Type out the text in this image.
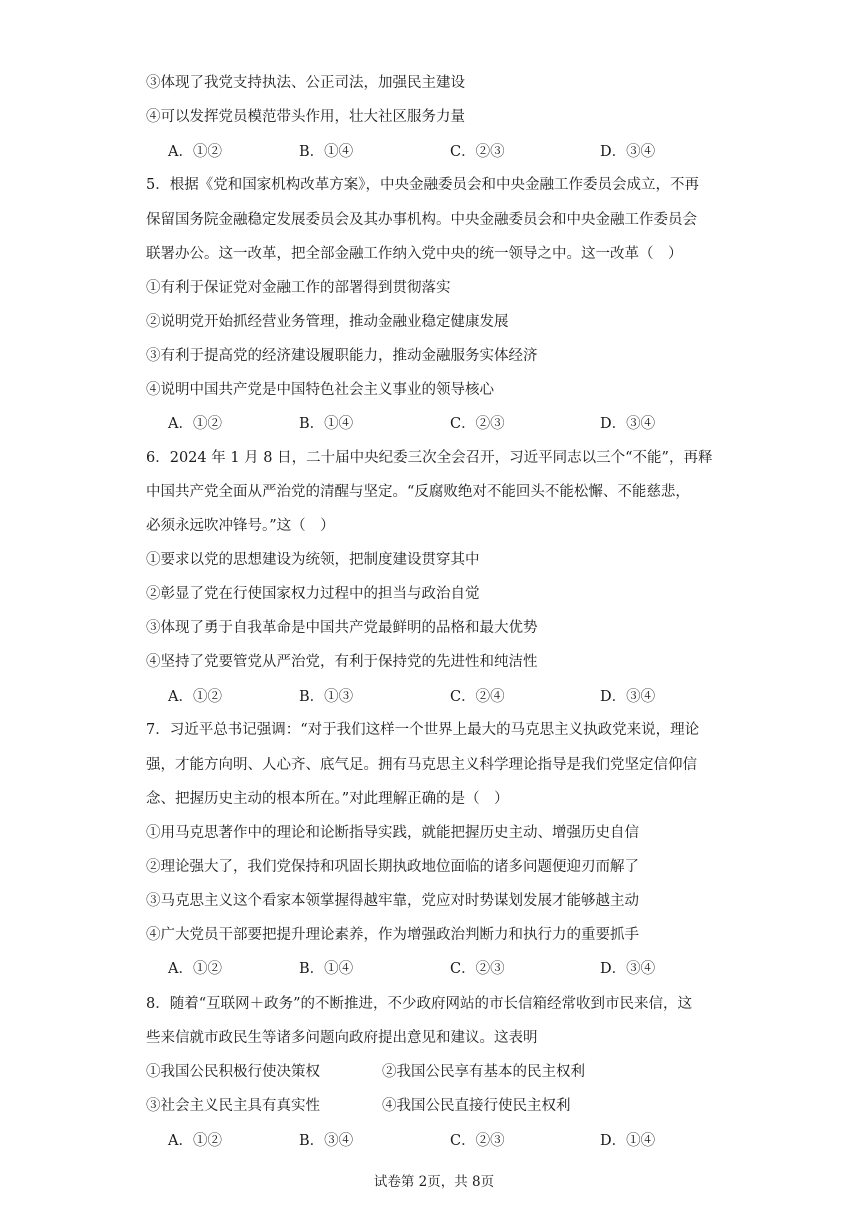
③体现了我党支持执法、公正司法，加强民主建设
④可以发挥党员模范带头作用，壮大社区服务力量
A．①②	B．①④	C．②③	D．③④
5．根据《党和国家机构改革方案》，中央金融委员会和中央金融工作委员会成立，不再
保留国务院金融稳定发展委员会及其办事机构。中央金融委员会和中央金融工作委员会
联署办公。这一改革，把全部金融工作纳入党中央的统一领导之中。这一改革（　）
①有利于保证党对金融工作的部署得到贯彻落实
②说明党开始抓经营业务管理，推动金融业稳定健康发展
③有利于提高党的经济建设履职能力，推动金融服务实体经济
④说明中国共产党是中国特色社会主义事业的领导核心
A．①②	B．①④	C．②③	D．③④
6．2024 年 1 月 8 日，二十届中央纪委三次全会召开，习近平同志以三个“不能”，再释
中国共产党全面从严治党的清醒与坚定。“反腐败绝对不能回头不能松懈、不能慈悲，
必须永远吹冲锋号。”这（　）
①要求以党的思想建设为统领，把制度建设贯穿其中
②彰显了党在行使国家权力过程中的担当与政治自觉
③体现了勇于自我革命是中国共产党最鲜明的品格和最大优势
④坚持了党要管党从严治党，有利于保持党的先进性和纯洁性
A．①②	B．①③	C．②④	D．③④
7．习近平总书记强调：“对于我们这样一个世界上最大的马克思主义执政党来说，理论
强，才能方向明、人心齐、底气足。拥有马克思主义科学理论指导是我们党坚定信仰信
念、把握历史主动的根本所在。”对此理解正确的是（　）
①用马克思著作中的理论和论断指导实践，就能把握历史主动、增强历史自信
②理论强大了，我们党保持和巩固长期执政地位面临的诸多问题便迎刃而解了
③马克思主义这个看家本领掌握得越牢靠，党应对时势谋划发展才能够越主动
④广大党员干部要把提升理论素养，作为增强政治判断力和执行力的重要抓手
A．①②	B．①④	C．②③	D．③④
8．随着“互联网＋政务”的不断推进，不少政府网站的市长信箱经常收到市民来信，这
些来信就市政民生等诸多问题向政府提出意见和建议。这表明
①我国公民积极行使决策权	②我国公民享有基本的民主权利
③社会主义民主具有真实性	④我国公民直接行使民主权利
A．①②	B．③④	C．②③	D．①④
试卷第 2页，共 8页
